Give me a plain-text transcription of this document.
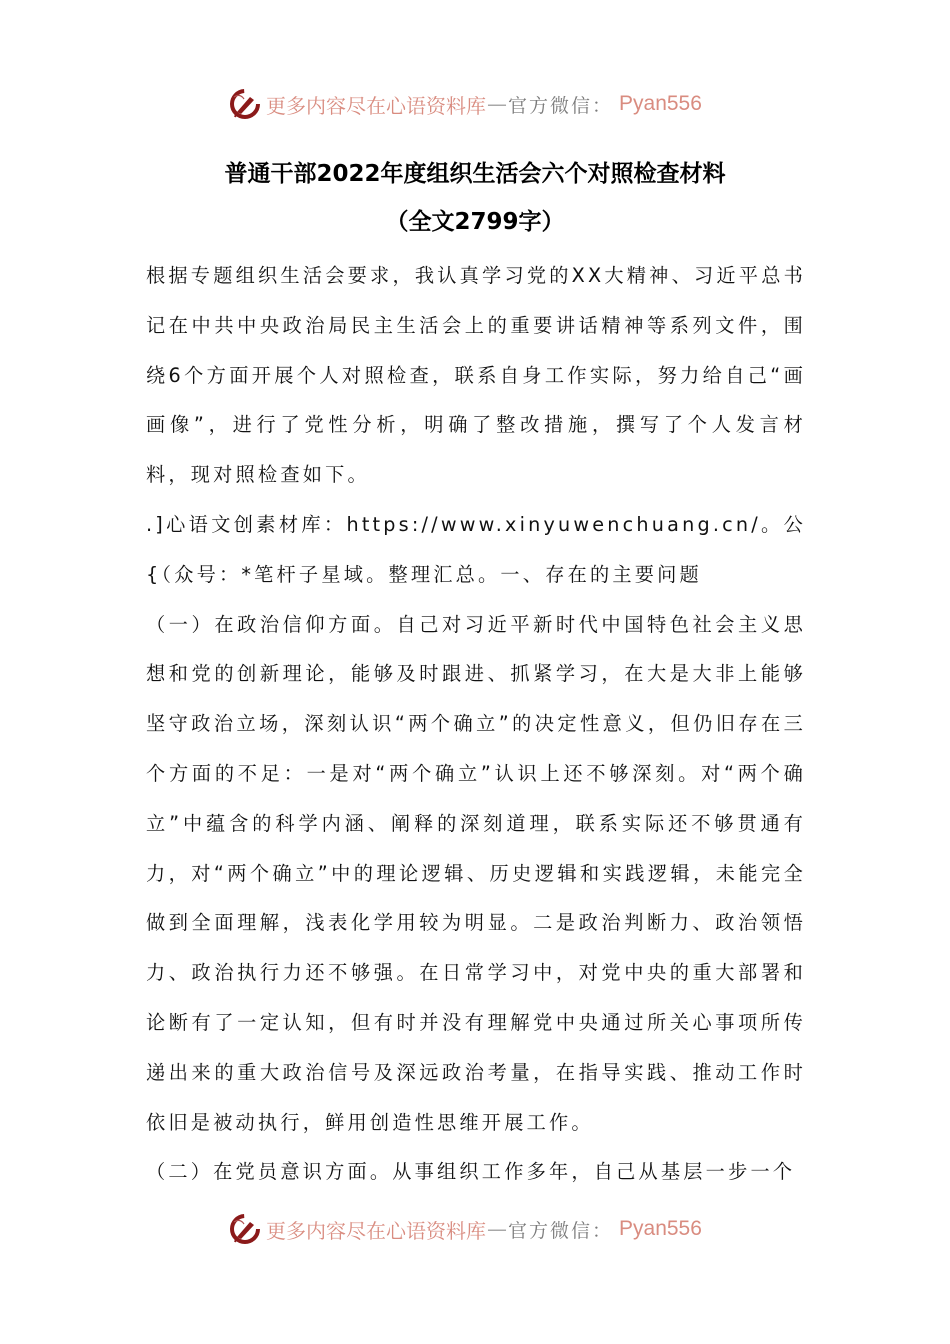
更多内容尽在心语资料库 — 官方微信： Pyan556
普通干部2022年度组织生活会六个对照检查材料
（全文2799字）

根据专题组织生活会要求，我认真学习党的XX大精神、习近平总书记在中共中央政治局民主生活会上的重要讲话精神等系列文件，围绕6个方面开展个人对照检查，联系自身工作实际，努力给自己“画画像”，进行了党性分析，明确了整改措施，撰写了个人发言材料，现对照检查如下。

.]心语文创素材库：https://www.xinyuwenchuang.cn/。公{（众号：*笔杆子星域。整理汇总。一、存在的主要问题

（一）在政治信仰方面。自己对习近平新时代中国特色社会主义思想和党的创新理论，能够及时跟进、抓紧学习，在大是大非上能够坚守政治立场，深刻认识“两个确立”的决定性意义，但仍旧存在三个方面的不足：一是对“两个确立”认识上还不够深刻。对“两个确立”中蕴含的科学内涵、阐释的深刻道理，联系实际还不够贯通有力，对“两个确立”中的理论逻辑、历史逻辑和实践逻辑，未能完全做到全面理解，浅表化学用较为明显。二是政治判断力、政治领悟力、政治执行力还不够强。在日常学习中，对党中央的重大部署和论断有了一定认知，但有时并没有理解党中央通过所关心事项所传递出来的重大政治信号及深远政治考量，在指导实践、推动工作时依旧是被动执行，鲜用创造性思维开展工作。

（二）在党员意识方面。从事组织工作多年，自己从基层一步一个

更多内容尽在心语资料库 — 官方微信： Pyan556
